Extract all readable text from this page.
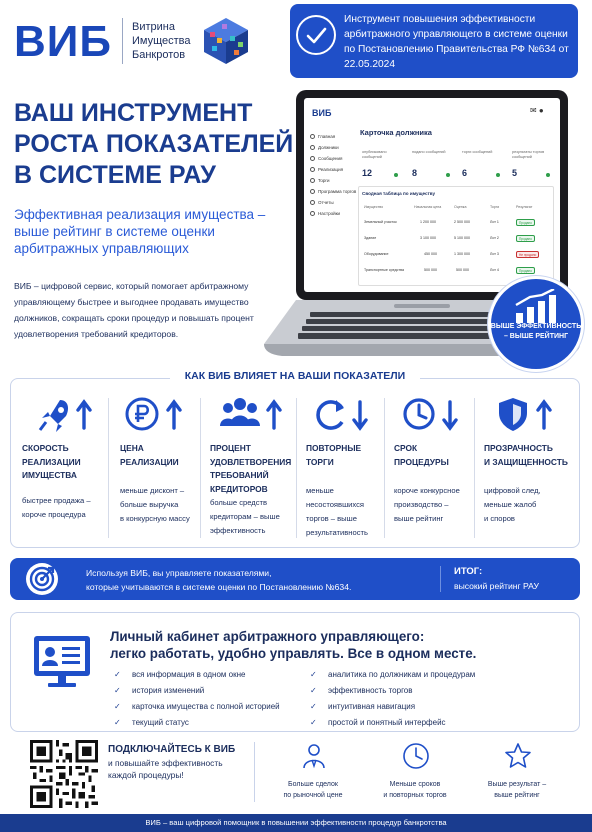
ВИБ Витрина
Имущества
Банкротов
Инструмент повышения эффективности арбитражного управляющего в системе оценки по Постановлению Правительства РФ №634 от 22.05.2024
ВАШ ИНСТРУМЕНТ РОСТА ПОКАЗАТЕЛЕЙ В СИСТЕМЕ РАУ
Эффективная реализация имущества – выше рейтинг в системе оценки арбитражных управляющих
ВИБ – цифровой сервис, который помогает арбитражному управляющему быстрее и выгоднее продавать имущество должников, сокращать сроки процедур и повышать процент удовлетворения требований кредиторов.
ВИБ	✉ ●
Главная
Должники
Сообщения
Реализация
Торги
Программа торгов
Отчеты
Настройки
Карточка должника
опубликовано сообщений
12
подано сообщений
8
торги сообщений
6
результаты торгов сообщений
5
Сводная таблица по имуществу
Имущество	Начальная цена	Оценка	Торги	Результат
Земельный участок	1 200 000	2 500 000	Лот 1	Продано
Здание	3 100 000	5 100 000	Лот 2	Продано
Оборудование	450 000	1 300 000	Лот 3	Не продано
Транспортные средства	500 000	500 000	Лот 4	Продано
ВЫШЕ ЭФФЕКТИВНОСТЬ – ВЫШЕ РЕЙТИНГ
КАК ВИБ ВЛИЯЕТ НА ВАШИ ПОКАЗАТЕЛИ
СКОРОСТЬ
РЕАЛИЗАЦИИ
ИМУЩЕСТВА
быстрее продажа –
короче процедура
ЦЕНА
РЕАЛИЗАЦИИ
меньше дисконт –
больше выручка
в конкурсную массу
ПРОЦЕНТ
УДОВЛЕТВОРЕНИЯ
ТРЕБОВАНИЙ
КРЕДИТОРОВ
больше средств
кредиторам – выше
эффективность
ПОВТОРНЫЕ
ТОРГИ
меньше
несостоявшихся
торгов – выше
результативность
СРОК
ПРОЦЕДУРЫ
короче конкурсное
производство –
выше рейтинг
ПРОЗРАЧНОСТЬ
И ЗАЩИЩЕННОСТЬ
цифровой след,
меньше жалоб
и споров
Используя ВИБ, вы управляете показателями,
которые учитываются в системе оценки по Постановлению №634.
ИТОГ:
высокий рейтинг РАУ
Личный кабинет арбитражного управляющего:
легко работать, удобно управлять. Все в одном месте.
✓ вся информация в одном окне
✓ история изменений
✓ карточка имущества с полной историей
✓ текущий статус
✓ аналитика по должникам и процедурам
✓ эффективность торгов
✓ интуитивная навигация
✓ простой и понятный интерфейс
ПОДКЛЮЧАЙТЕСЬ К ВИБ
и повышайте эффективность каждой процедуры!
Больше сделок
по рыночной цене
Меньше сроков
и повторных торгов
Выше результат –
выше рейтинг
ВИБ – ваш цифровой помощник в повышении эффективности процедур банкротства
